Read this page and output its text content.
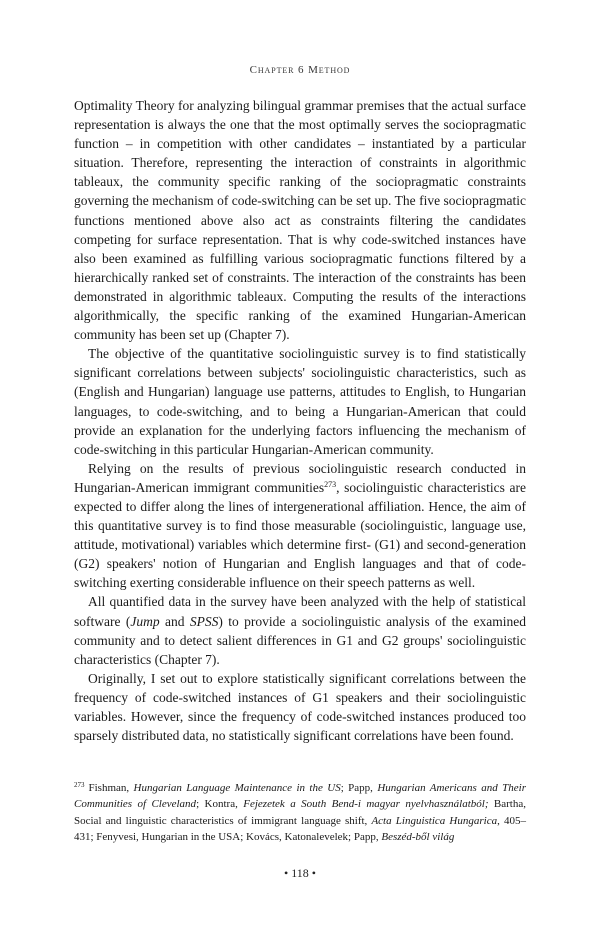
Chapter 6 Method

Optimality Theory for analyzing bilingual grammar premises that the actual surface representation is always the one that the most optimally serves the sociopragmatic function – in competition with other candidates – instantiated by a particular situation. Therefore, representing the interaction of constraints in algorithmic tableaux, the community specific ranking of the sociopragmatic constraints governing the mechanism of code-switching can be set up. The five sociopragmatic functions mentioned above also act as constraints filtering the candidates competing for surface representation. That is why code-switched instances have also been examined as fulfilling various sociopragmatic functions filtered by a hierarchically ranked set of constraints. The interaction of the constraints has been demonstrated in algorithmic tableaux. Computing the results of the interactions algorithmically, the specific ranking of the examined Hungarian-American community has been set up (Chapter 7).

The objective of the quantitative sociolinguistic survey is to find statistically significant correlations between subjects' sociolinguistic characteristics, such as (English and Hungarian) language use patterns, attitudes to English, to Hungarian languages, to code-switching, and to being a Hungarian-American that could provide an explanation for the underlying factors influencing the mechanism of code-switching in this particular Hungarian-American community.

Relying on the results of previous sociolinguistic research conducted in Hungarian-American immigrant communities$^{273}$, sociolinguistic characteristics are expected to differ along the lines of intergenerational affiliation. Hence, the aim of this quantitative survey is to find those measurable (sociolinguistic, language use, attitude, motivational) variables which determine first- (G1) and second-generation (G2) speakers' notion of Hungarian and English languages and that of code-switching exerting considerable influence on their speech patterns as well.

All quantified data in the survey have been analyzed with the help of statistical software (Jump and SPSS) to provide a sociolinguistic analysis of the examined community and to detect salient differences in G1 and G2 groups' sociolinguistic characteristics (Chapter 7).

Originally, I set out to explore statistically significant correlations between the frequency of code-switched instances of G1 speakers and their sociolinguistic variables. However, since the frequency of code-switched instances produced too sparsely distributed data, no statistically significant correlations have been found.

$^{273}$ Fishman, Hungarian Language Maintenance in the US; Papp, Hungarian Americans and Their Communities of Cleveland; Kontra, Fejezetek a South Bend-i magyar nyelvhasználatból; Bartha, Social and linguistic characteristics of immigrant language shift, Acta Linguistica Hungarica, 405–431; Fenyvesi, Hungarian in the USA; Kovács, Katonalevelek; Papp, Beszéd-ből világ
• 118 •
